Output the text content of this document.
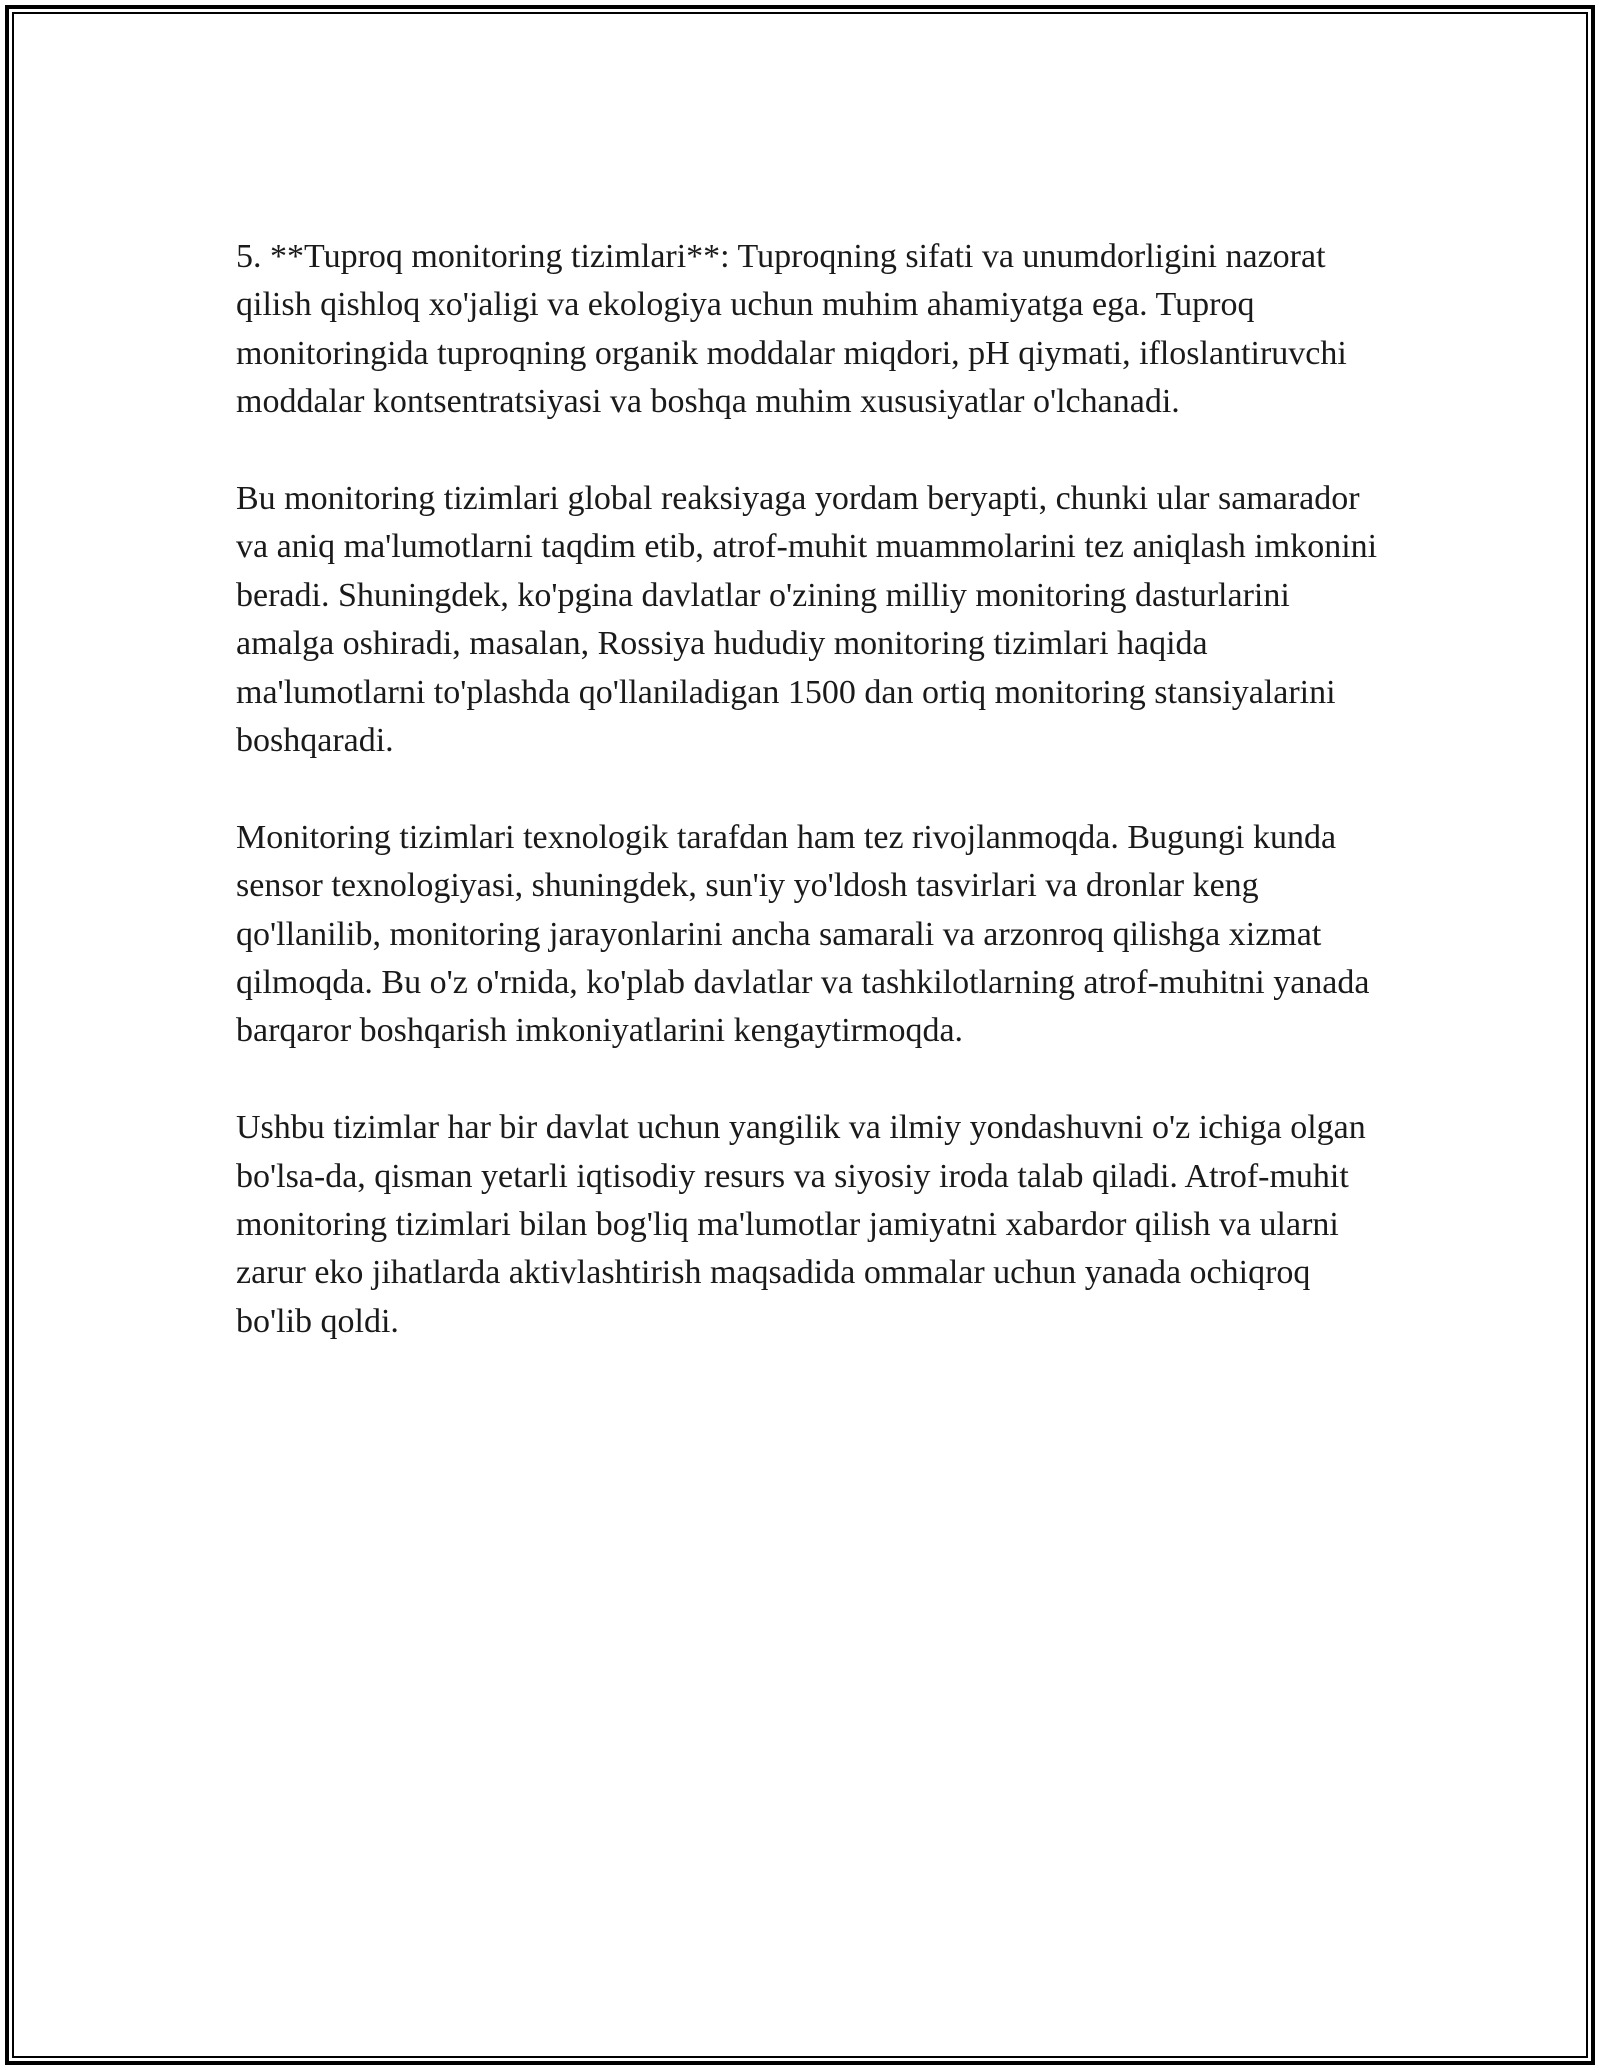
5. **Tuproq monitoring tizimlari**: Tuproqning sifati va unumdorligini nazorat qilish qishloq xo'jaligi va ekologiya uchun muhim ahamiyatga ega. Tuproq monitoringida tuproqning organik moddalar miqdori, pH qiymati, ifloslantiruvchi moddalar kontsentratsiyasi va boshqa muhim xususiyatlar o'lchanadi.

Bu monitoring tizimlari global reaksiyaga yordam beryapti, chunki ular samarador va aniq ma'lumotlarni taqdim etib, atrof-muhit muammolarini tez aniqlash imkonini beradi. Shuningdek, ko'pgina davlatlar o'zining milliy monitoring dasturlarini amalga oshiradi, masalan, Rossiya hududiy monitoring tizimlari haqida ma'lumotlarni to'plashda qo'llaniladigan 1500 dan ortiq monitoring stansiyalarini boshqaradi.

Monitoring tizimlari texnologik tarafdan ham tez rivojlanmoqda. Bugungi kunda sensor texnologiyasi, shuningdek, sun'iy yo'ldosh tasvirlari va dronlar keng qo'llanilib, monitoring jarayonlarini ancha samarali va arzonroq qilishga xizmat qilmoqda. Bu o'z o'rnida, ko'plab davlatlar va tashkilotlarning atrof-muhitni yanada barqaror boshqarish imkoniyatlarini kengaytirmoqda.

Ushbu tizimlar har bir davlat uchun yangilik va ilmiy yondashuvni o'z ichiga olgan bo'lsa-da, qisman yetarli iqtisodiy resurs va siyosiy iroda talab qiladi. Atrof-muhit monitoring tizimlari bilan bog'liq ma'lumotlar jamiyatni xabardor qilish va ularni zarur eko jihatlarda aktivlashtirish maqsadida ommalar uchun yanada ochiqroq bo'lib qoldi.
